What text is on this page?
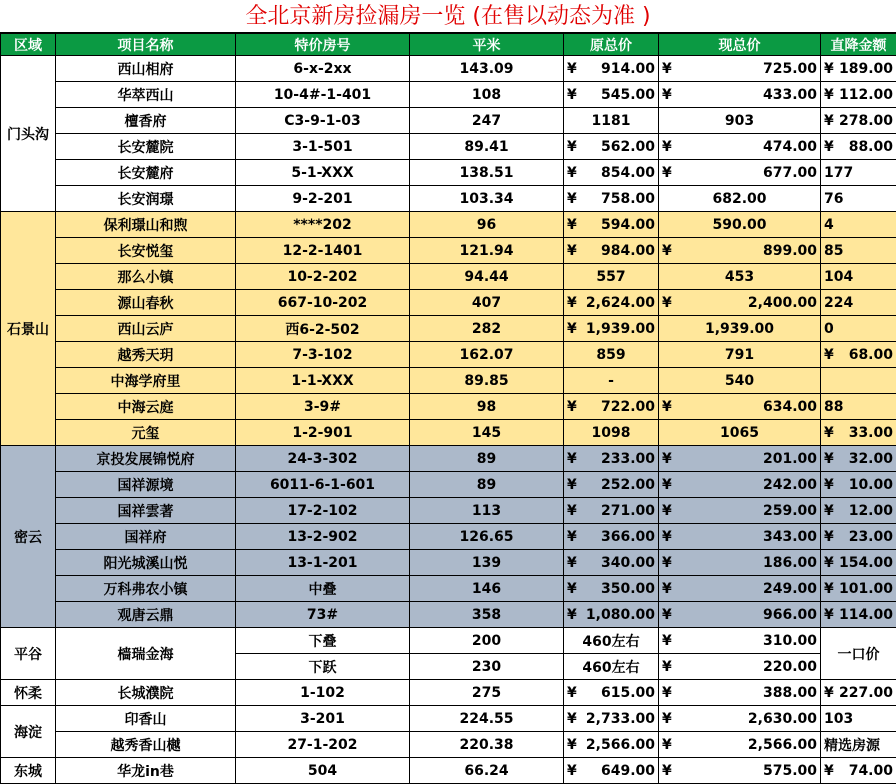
全北京新房捡漏房一览 (在售以动态为准 )
区域	项目名称	特价房号	平米	原总价	现总价	直降金额
门头沟	西山相府	6-x-2xx	143.09	¥ 914.00	¥ 725.00	¥ 189.00

	华萃西山	10-4#-1-401	108	¥ 545.00	¥ 433.00	¥ 112.00

	檀香府	C3-9-1-03	247	1181	903	¥ 278.00

	长安麓院	3-1-501	89.41	¥ 562.00	¥ 474.00	¥ 88.00

	长安麓府	5-1-XXX	138.51	¥ 854.00	¥ 677.00	177
	长安润璟	9-2-201	103.34	¥ 758.00	682.00	76
石景山	保利璟山和煦	****202	96	¥ 594.00	590.00	4
	长安悦玺	12-2-1401	121.94	¥ 984.00	¥ 899.00	85
	那么小镇	10-2-202	94.44	557	453	104
	源山春秋	667-10-202	407	¥ 2,624.00	¥ 2,400.00	224
	西山云庐	西6-2-502	282	¥ 1,939.00	1,939.00	0
	越秀天玥	7-3-102	162.07	859	791	¥ 68.00

	中海学府里	1-1-XXX	89.85	-	540	
	中海云庭	3-9#	98	¥ 722.00	¥ 634.00	88
	元玺	1-2-901	145	1098	1065	¥ 33.00

密云	京投发展锦悦府	24-3-302	89	¥ 233.00	¥ 201.00	¥ 32.00

	国祥源境	6011-6-1-601	89	¥ 252.00	¥ 242.00	¥ 10.00

	国祥雲著	17-2-102	113	¥ 271.00	¥ 259.00	¥ 12.00

	国祥府	13-2-902	126.65	¥ 366.00	¥ 343.00	¥ 23.00

	阳光城溪山悦	13-1-201	139	¥ 340.00	¥ 186.00	¥ 154.00

	万科弗农小镇	中叠	146	¥ 350.00	¥ 249.00	¥ 101.00

	观唐云鼎	73#	358	¥ 1,080.00	¥ 966.00	¥ 114.00

平谷	樯瑞金海	下叠	200	460左右	¥ 310.00	一口价
		下跃	230	460左右	¥ 220.00	

怀柔	长城濮院	1-102	275	¥ 615.00	¥ 388.00	¥ 227.00

海淀	印香山	3-201	224.55	¥ 2,733.00	¥ 2,630.00	103
	越秀香山樾	27-1-202	220.38	¥ 2,566.00	¥ 2,566.00	精选房源
东城	华龙in巷	504	66.24	¥ 649.00	¥ 575.00	¥ 74.00
